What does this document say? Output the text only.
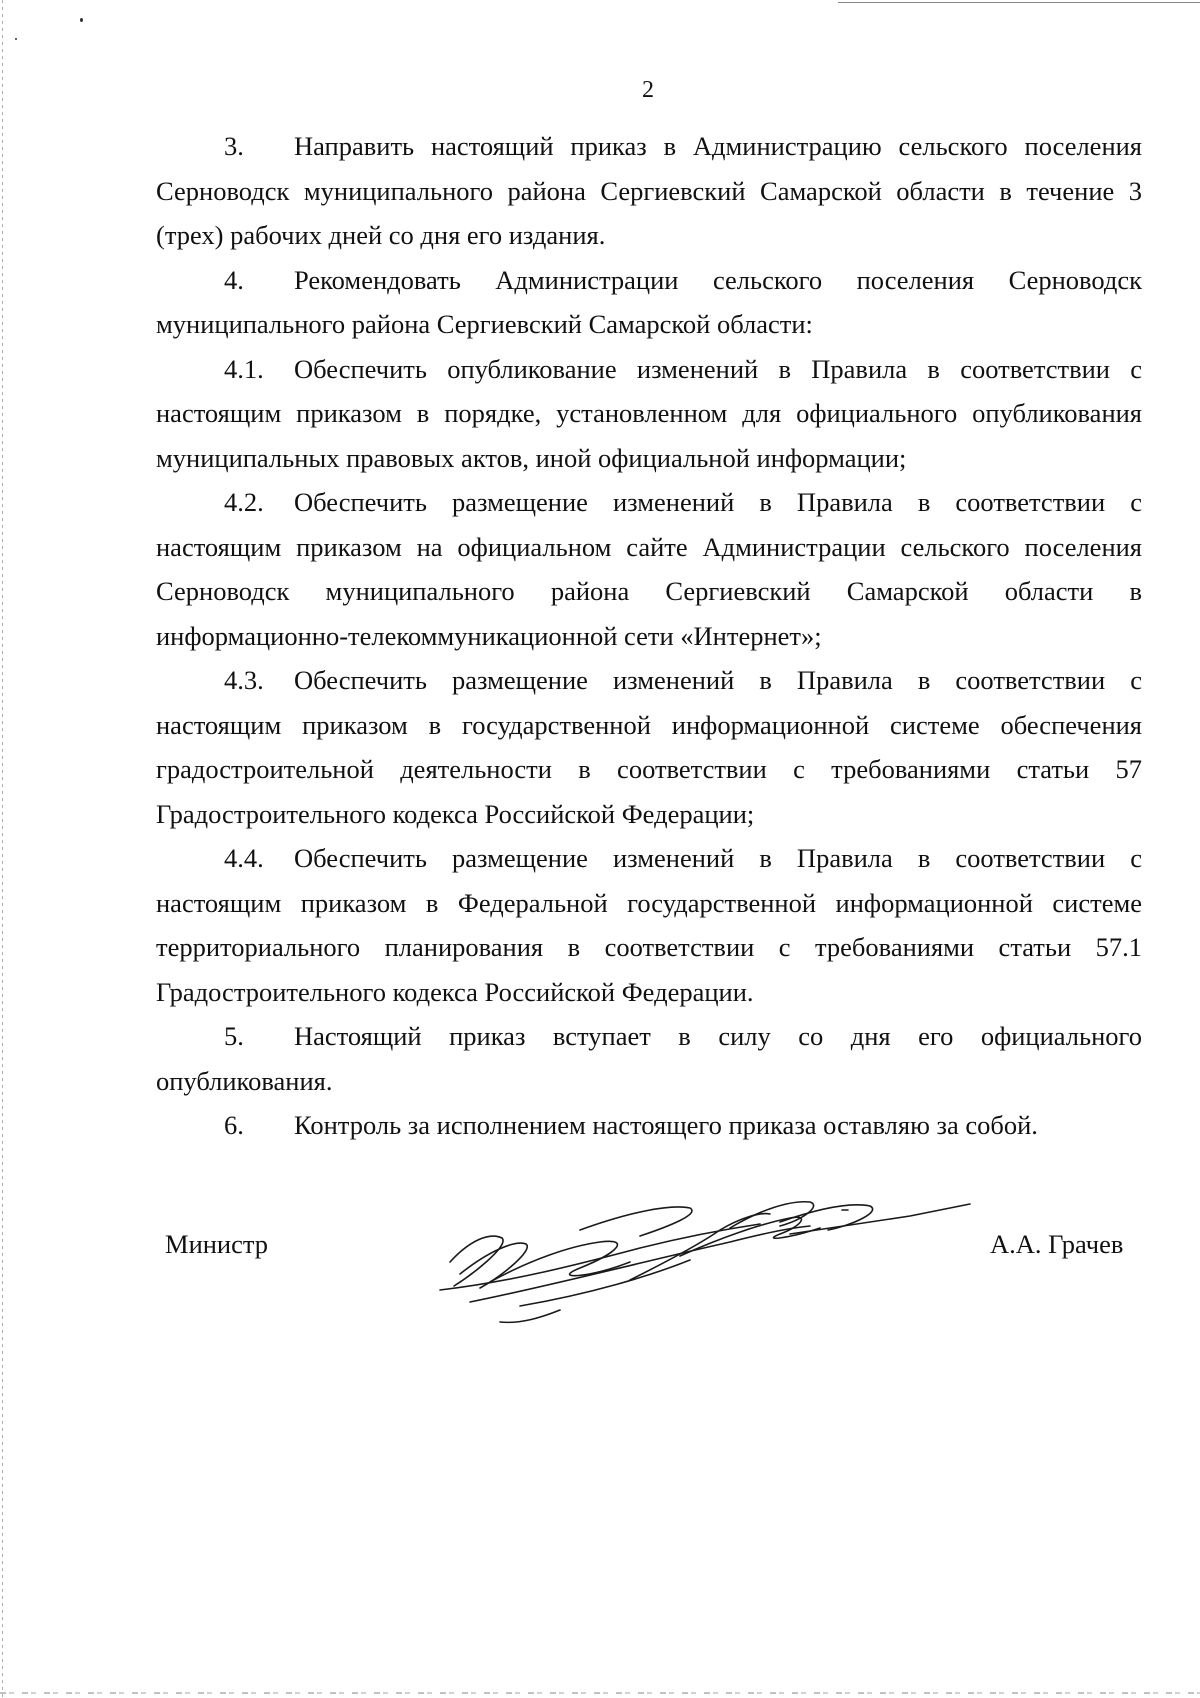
2

3. Направить настоящий приказ в Администрацию сельского поселения Серноводск муниципального района Сергиевский Самарской области в течение 3 (трех) рабочих дней со дня его издания.

4. Рекомендовать Администрации сельского поселения Серноводск муниципального района Сергиевский Самарской области:

4.1. Обеспечить опубликование изменений в Правила в соответствии с настоящим приказом в порядке, установленном для официального опубликования муниципальных правовых актов, иной официальной информации;

4.2. Обеспечить размещение изменений в Правила в соответствии с настоящим приказом на официальном сайте Администрации сельского поселения Серноводск муниципального района Сергиевский Самарской области в информационно-телекоммуникационной сети «Интернет»;

4.3. Обеспечить размещение изменений в Правила в соответствии с настоящим приказом в государственной информационной системе обеспечения градостроительной деятельности в соответствии с требованиями статьи 57 Градостроительного кодекса Российской Федерации;

4.4. Обеспечить размещение изменений в Правила в соответствии с настоящим приказом в Федеральной государственной информационной системе территориального планирования в соответствии с требованиями статьи 57.1 Градостроительного кодекса Российской Федерации.

5. Настоящий приказ вступает в силу со дня его официального опубликования.

6. Контроль за исполнением настоящего приказа оставляю за собой.

Министр	А.А. Грачев
